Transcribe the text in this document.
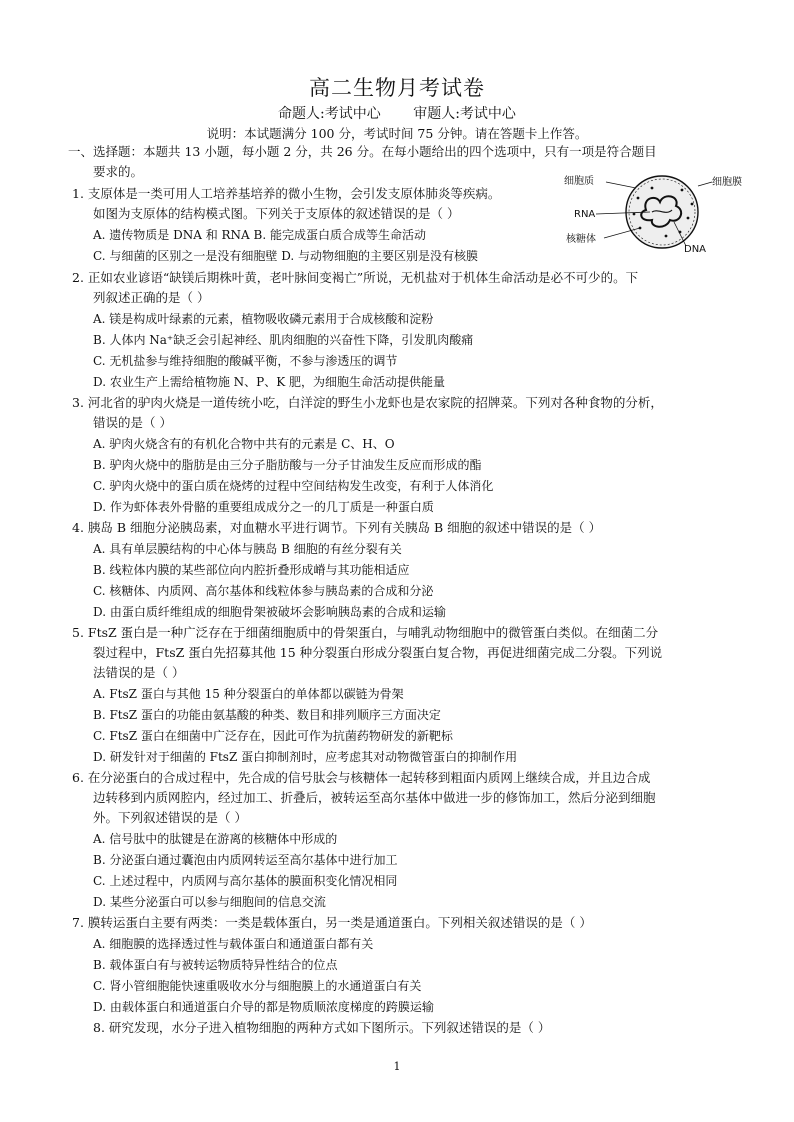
高二生物月考试卷
命题人:考试中心 审题人:考试中心
说明：本试题满分 100 分，考试时间 75 分钟。请在答题卡上作答。
一、选择题：本题共 13 小题，每小题 2 分，共 26 分。在每小题给出的四个选项中，只有一项是符合题目
要求的。
1. 支原体是一类可用人工培养基培养的微小生物，会引发支原体肺炎等疾病。
如图为支原体的结构模式图。下列关于支原体的叙述错误的是（ ）
A. 遗传物质是 DNA 和 RNA B. 能完成蛋白质合成等生命活动
C. 与细菌的区别之一是没有细胞壁 D. 与动物细胞的主要区别是没有核膜
2. 正如农业谚语“缺镁后期株叶黄，老叶脉间变褐亡”所说，无机盐对于机体生命活动是必不可少的。下
列叙述正确的是（ ）
A. 镁是构成叶绿素的元素，植物吸收磷元素用于合成核酸和淀粉
B. 人体内 Na⁺缺乏会引起神经、肌肉细胞的兴奋性下降，引发肌肉酸痛
C. 无机盐参与维持细胞的酸碱平衡，不参与渗透压的调节
D. 农业生产上需给植物施 N、P、K 肥，为细胞生命活动提供能量
3. 河北省的驴肉火烧是一道传统小吃，白洋淀的野生小龙虾也是农家院的招牌菜。下列对各种食物的分析，
错误的是（ ）
A. 驴肉火烧含有的有机化合物中共有的元素是 C、H、O
B. 驴肉火烧中的脂肪是由三分子脂肪酸与一分子甘油发生反应而形成的酯
C. 驴肉火烧中的蛋白质在烧烤的过程中空间结构发生改变，有利于人体消化
D. 作为虾体表外骨骼的重要组成成分之一的几丁质是一种蛋白质
4. 胰岛 B 细胞分泌胰岛素，对血糖水平进行调节。下列有关胰岛 B 细胞的叙述中错误的是（ ）
A. 具有单层膜结构的中心体与胰岛 B 细胞的有丝分裂有关
B. 线粒体内膜的某些部位向内腔折叠形成嵴与其功能相适应
C. 核糖体、内质网、高尔基体和线粒体参与胰岛素的合成和分泌
D. 由蛋白质纤维组成的细胞骨架被破坏会影响胰岛素的合成和运输
5. FtsZ 蛋白是一种广泛存在于细菌细胞质中的骨架蛋白，与哺乳动物细胞中的微管蛋白类似。在细菌二分
裂过程中，FtsZ 蛋白先招募其他 15 种分裂蛋白形成分裂蛋白复合物，再促进细菌完成二分裂。下列说
法错误的是（ ）
A. FtsZ 蛋白与其他 15 种分裂蛋白的单体都以碳链为骨架
B. FtsZ 蛋白的功能由氨基酸的种类、数目和排列顺序三方面决定
C. FtsZ 蛋白在细菌中广泛存在，因此可作为抗菌药物研发的新靶标
D. 研发针对于细菌的 FtsZ 蛋白抑制剂时，应考虑其对动物微管蛋白的抑制作用
6. 在分泌蛋白的合成过程中，先合成的信号肽会与核糖体一起转移到粗面内质网上继续合成，并且边合成
边转移到内质网腔内，经过加工、折叠后，被转运至高尔基体中做进一步的修饰加工，然后分泌到细胞
外。下列叙述错误的是（ ）
A. 信号肽中的肽键是在游离的核糖体中形成的
B. 分泌蛋白通过囊泡由内质网转运至高尔基体中进行加工
C. 上述过程中，内质网与高尔基体的膜面积变化情况相同
D. 某些分泌蛋白可以参与细胞间的信息交流
7. 膜转运蛋白主要有两类：一类是载体蛋白，另一类是通道蛋白。下列相关叙述错误的是（ ）
A. 细胞膜的选择透过性与载体蛋白和通道蛋白都有关
B. 载体蛋白有与被转运物质特异性结合的位点
C. 肾小管细胞能快速重吸收水分与细胞膜上的水通道蛋白有关
D. 由载体蛋白和通道蛋白介导的都是物质顺浓度梯度的跨膜运输
8. 研究发现，水分子进入植物细胞的两种方式如下图所示。下列叙述错误的是（ ）
细胞质	细胞膜
RNA
核糖体
DNA
1
